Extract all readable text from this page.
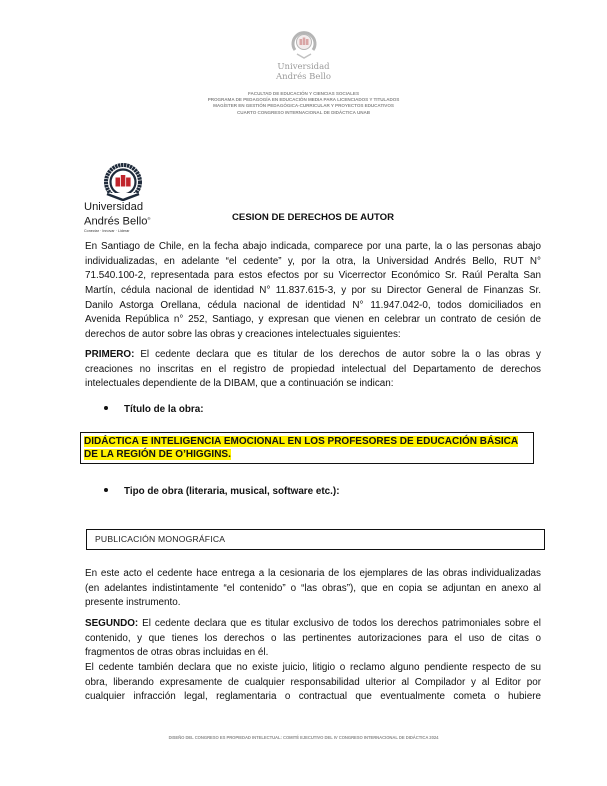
Universidad
Andrés Bello
FACULTAD DE EDUCACIÓN Y CIENCIAS SOCIALES
PROGRAMA DE PEDAGOGÍA EN EDUCACIÓN MEDIA PARA LICENCIADOS Y TITULADOS
MAGÍSTER EN GESTIÓN PEDAGÓGICA-CURRICULAR Y PROYECTOS EDUCATIVOS
CUARTO CONGRESO INTERNACIONAL DE DIDÁCTICA UNAB
Universidad
Andrés Bello®
Conectar · Innovar · Liderar
CESION DE DERECHOS DE AUTOR
En Santiago de Chile, en la fecha abajo indicada, comparece por una parte, la o las personas abajo
individualizadas, en adelante “el cedente” y, por la otra, la Universidad Andrés Bello, RUT N°
71.540.100-2, representada para estos efectos por su Vicerrector Económico Sr. Raúl Peralta San
Martín, cédula nacional de identidad N° 11.837.615-3, y por su Director General de Finanzas Sr.
Danilo Astorga Orellana, cédula nacional de identidad N° 11.947.042-0, todos domiciliados en
Avenida República n° 252, Santiago, y expresan que vienen en celebrar un contrato de cesión de
derechos de autor sobre las obras y creaciones intelectuales siguientes:
PRIMERO: El cedente declara que es titular de los derechos de autor sobre la o las obras y
creaciones no inscritas en el registro de propiedad intelectual del Departamento de derechos
intelectuales dependiente de la DIBAM, que a continuación se indican:
Título de la obra:
DIDÁCTICA E INTELIGENCIA EMOCIONAL EN LOS PROFESORES DE EDUCACIÓN BÁSICA
DE LA REGIÓN DE O’HIGGINS.
Tipo de obra (literaria, musical, software etc.):
PUBLICACIÓN MONOGRÁFICA
En este acto el cedente hace entrega a la cesionaria de los ejemplares de las obras individualizadas
(en adelantes indistintamente “el contenido” o “las obras”), que en copia se adjuntan en anexo al
presente instrumento.
SEGUNDO: El cedente declara que es titular exclusivo de todos los derechos patrimoniales sobre el
contenido, y que tienes los derechos o las pertinentes autorizaciones para el uso de citas o
fragmentos de otras obras incluidas en él.
El cedente también declara que no existe juicio, litigio o reclamo alguno pendiente respecto de su
obra, liberando expresamente de cualquier responsabilidad ulterior al Compilador y al Editor por
cualquier infracción legal, reglamentaria o contractual que eventualmente cometa o hubiere
DISEÑO DEL CONGRESO ES PROPIEDAD INTELECTUAL: COMITÉ EJECUTIVO DEL IV CONGRESO INTERNACIONAL DE DIDÁCTICA 2024
